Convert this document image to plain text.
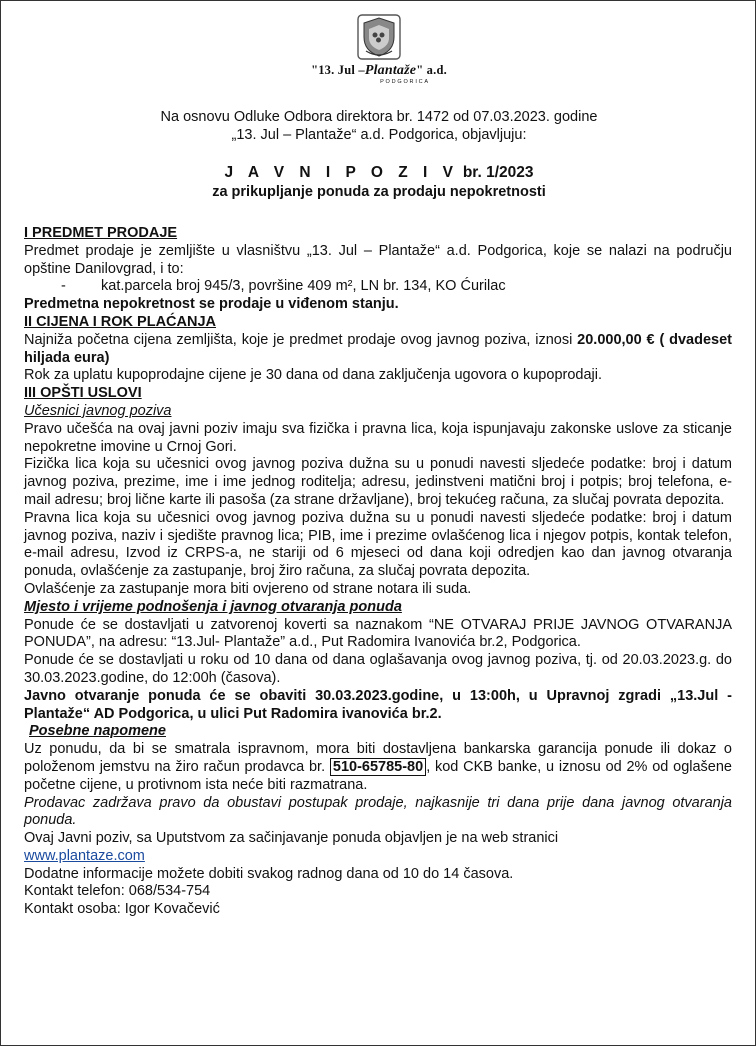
"13. Jul –Plantaže" a.d.
PODGORICA
Na osnovu Odluke Odbora direktora br. 1472 od 07.03.2023. godine
„13. Jul – Plantaže“ a.d. Podgorica, objavljuju:
J A V N I P O Z I V br. 1/2023
za prikupljanje ponuda za prodaju nepokretnosti

I PREDMET PRODAJE

Predmet prodaje je zemljište u vlasništvu „13. Jul – Plantaže“ a.d. Podgorica, koje se nalazi na području opštine Danilovgrad, i to:

-	kat.parcela broj 945/3, površine 409 m², LN br. 134, KO Ćurilac

Predmetna nepokretnost se prodaje u viđenom stanju.

II CIJENA I ROK PLAĆANJA

Najniža početna cijena zemljišta, koje je predmet prodaje ovog javnog poziva, iznosi 20.000,00 € ( dvadeset hiljada eura)

Rok za uplatu kupoprodajne cijene je 30 dana od dana zaključenja ugovora o kupoprodaji.

III OPŠTI USLOVI

Učesnici javnog poziva

Pravo učešća na ovaj javni poziv imaju sva fizička i pravna lica, koja ispunjavaju zakonske uslove za sticanje nepokretne imovine u Crnoj Gori.

Fizička lica koja su učesnici ovog javnog poziva dužna su u ponudi navesti sljedeće podatke: broj i datum javnog poziva, prezime, ime i ime jednog roditelja; adresu, jedinstveni matični broj i potpis; broj telefona, e-mail adresu; broj lične karte ili pasoša (za strane državljane), broj tekućeg računa, za slučaj povrata depozita.

Pravna lica koja su učesnici ovog javnog poziva dužna su u ponudi navesti sljedeće podatke: broj i datum javnog poziva, naziv i sjedište pravnog lica; PIB, ime i prezime ovlašćenog lica i njegov potpis, kontak telefon, e-mail adresu, Izvod iz CRPS-a, ne stariji od 6 mjeseci od dana koji odredjen kao dan javnog otvaranja ponuda, ovlašćenje za zastupanje, broj žiro računa, za slučaj povrata depozita.

Ovlašćenje za zastupanje mora biti ovjereno od strane notara ili suda.

Mjesto i vrijeme podnošenja i javnog otvaranja ponuda

Ponude će se dostavljati u zatvorenoj koverti sa naznakom “NE OTVARAJ PRIJE JAVNOG OTVARANJA PONUDA”, na adresu: “13.Jul- Plantaže” a.d., Put Radomira Ivanovića br.2, Podgorica.

Ponude će se dostavljati u roku od 10 dana od dana oglašavanja ovog javnog poziva, tj. od 20.03.2023.g. do 30.03.2023.godine, do 12:00h (časova).

Javno otvaranje ponuda će se obaviti 30.03.2023.godine, u 13:00h, u Upravnoj zgradi „13.Jul - Plantaže“ AD Podgorica, u ulici Put Radomira ivanovića br.2.

Posebne napomene

Uz ponudu, da bi se smatrala ispravnom, mora biti dostavljena bankarska garancija ponude ili dokaz o položenom jemstvu na žiro račun prodavca br. 510-65785-80 , kod CKB banke, u iznosu od 2% od oglašene početne cijene, u protivnom ista neće biti razmatrana.

Prodavac zadržava pravo da obustavi postupak prodaje, najkasnije tri dana prije dana javnog otvaranja ponuda.

Ovaj Javni poziv, sa Uputstvom za sačinjavanje ponuda objavljen je na web stranici

www.plantaze.com

Dodatne informacije možete dobiti svakog radnog dana od 10 do 14 časova.

Kontakt telefon: 068/534-754

Kontakt osoba: Igor Kovačević
